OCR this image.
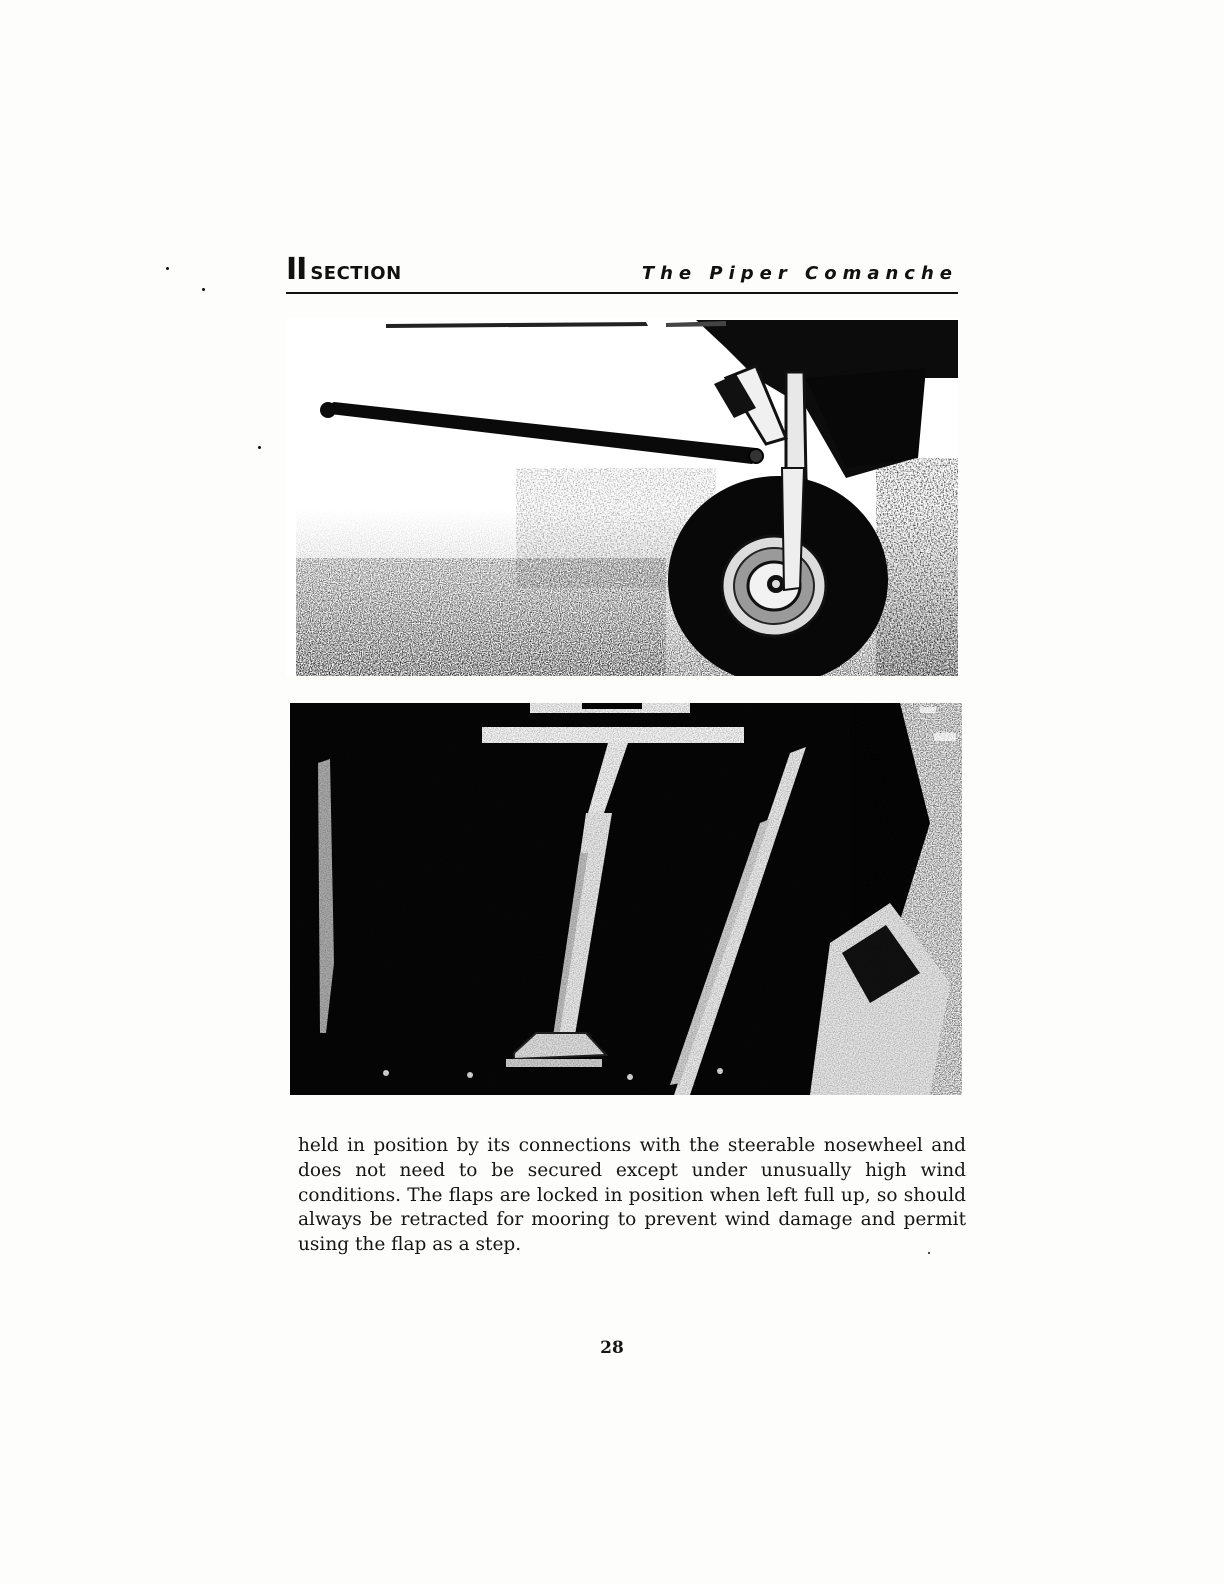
II SECTION	The Piper Comanche

held in position by its connections with the steerable nosewheel and does not need to be secured except under unusually high wind conditions. The flaps are locked in position when left full up, so should always be retracted for mooring to prevent wind damage and permit using the flap as a step.

28
